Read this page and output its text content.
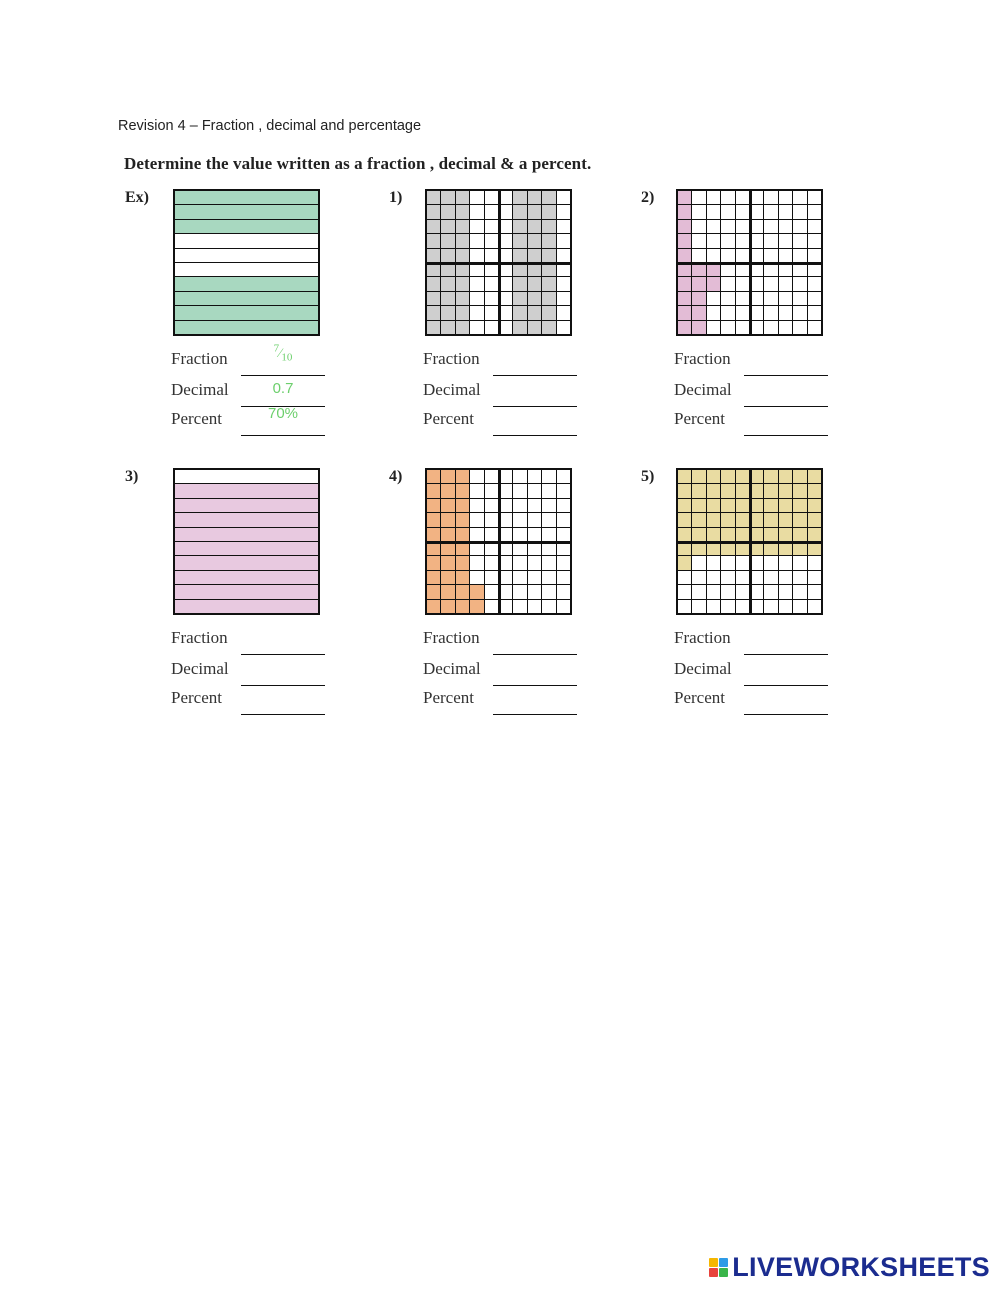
Revision 4 – Fraction , decimal and percentage
Determine the value written as a fraction , decimal & a percent.
Ex)
Fraction	$^7⁄_{10}$
Decimal	0.7
Percent	70%
1)
Fraction
Decimal
Percent
2)
Fraction
Decimal
Percent
3)
Fraction
Decimal
Percent
4)
Fraction
Decimal
Percent
5)
Fraction
Decimal
Percent
LIVEWORKSHEETS
